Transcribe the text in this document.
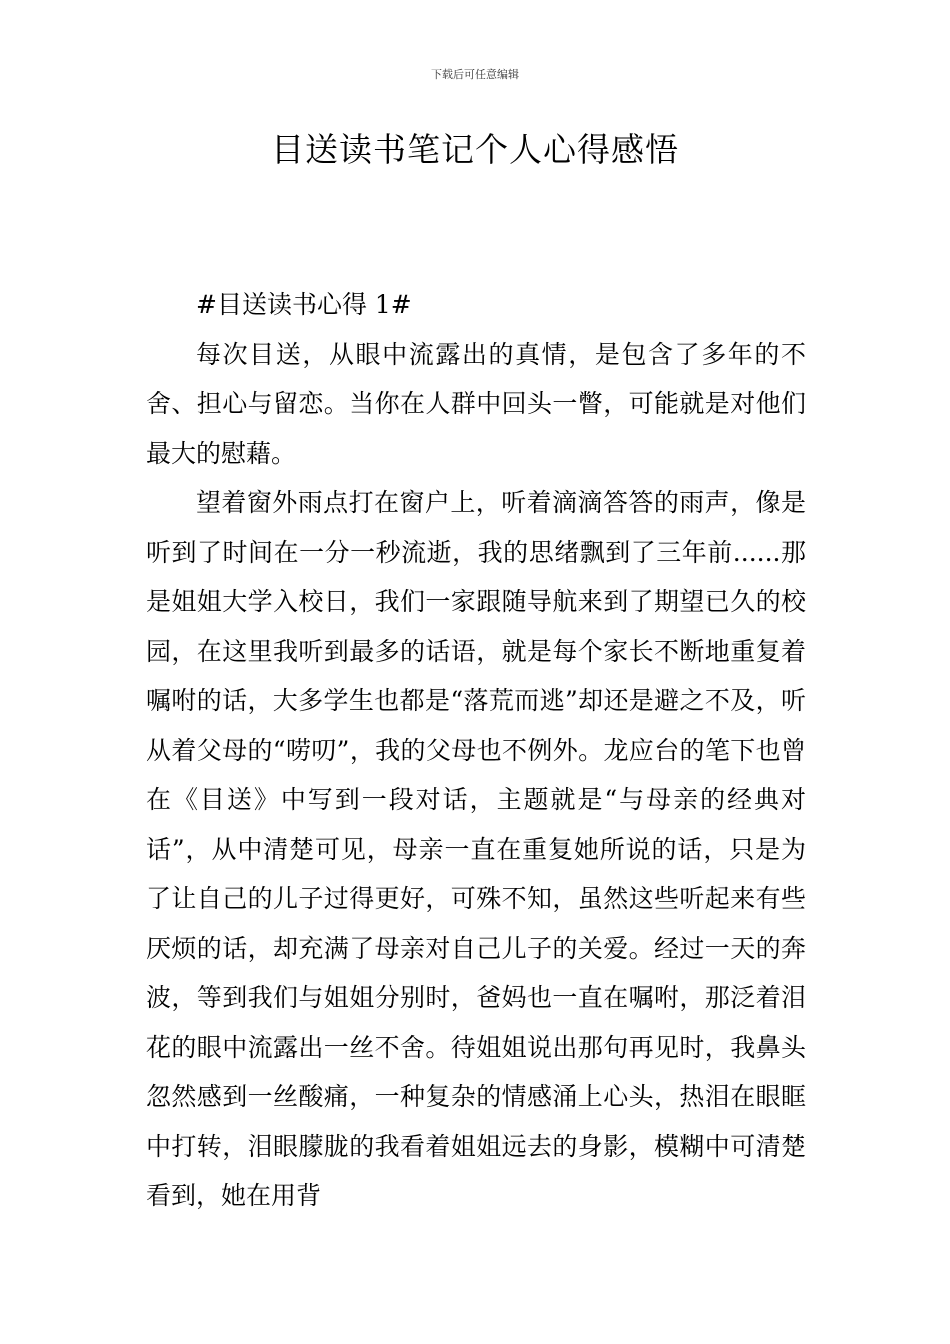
下载后可任意编辑
目送读书笔记个人心得感悟
#目送读书心得 1#

每次目送，从眼中流露出的真情，是包含了多年的不舍、担心与留恋。当你在人群中回头一瞥，可能就是对他们最大的慰藉。

望着窗外雨点打在窗户上，听着滴滴答答的雨声，像是听到了时间在一分一秒流逝，我的思绪飘到了三年前......那是姐姐大学入校日，我们一家跟随导航来到了期望已久的校园，在这里我听到最多的话语，就是每个家长不断地重复着嘱咐的话，大多学生也都是“落荒而逃”却还是避之不及，听从着父母的“唠叨”，我的父母也不例外。龙应台的笔下也曾在《目送》中写到一段对话，主题就是“与母亲的经典对话”，从中清楚可见，母亲一直在重复她所说的话，只是为了让自己的儿子过得更好，可殊不知，虽然这些听起来有些厌烦的话，却充满了母亲对自己儿子的关爱。经过一天的奔波，等到我们与姐姐分别时，爸妈也一直在嘱咐，那泛着泪花的眼中流露出一丝不舍。待姐姐说出那句再见时，我鼻头忽然感到一丝酸痛，一种复杂的情感涌上心头，热泪在眼眶中打转，泪眼朦胧的我看着姐姐远去的身影，模糊中可清楚看到，她在用背
